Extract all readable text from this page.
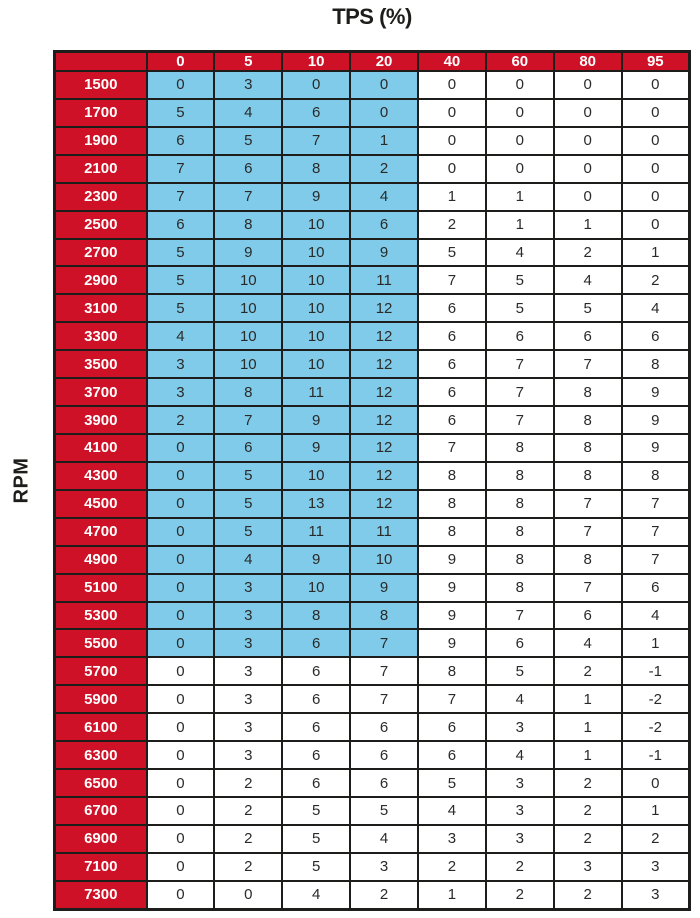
TPS (%)
RPM
	0	5	10	20	40	60	80	95
1500	0	3	0	0	0	0	0	0
1700	5	4	6	0	0	0	0	0
1900	6	5	7	1	0	0	0	0
2100	7	6	8	2	0	0	0	0
2300	7	7	9	4	1	1	0	0
2500	6	8	10	6	2	1	1	0
2700	5	9	10	9	5	4	2	1
2900	5	10	10	11	7	5	4	2
3100	5	10	10	12	6	5	5	4
3300	4	10	10	12	6	6	6	6
3500	3	10	10	12	6	7	7	8
3700	3	8	11	12	6	7	8	9
3900	2	7	9	12	6	7	8	9
4100	0	6	9	12	7	8	8	9
4300	0	5	10	12	8	8	8	8
4500	0	5	13	12	8	8	7	7
4700	0	5	11	11	8	8	7	7
4900	0	4	9	10	9	8	8	7
5100	0	3	10	9	9	8	7	6
5300	0	3	8	8	9	7	6	4
5500	0	3	6	7	9	6	4	1
5700	0	3	6	7	8	5	2	-1
5900	0	3	6	7	7	4	1	-2
6100	0	3	6	6	6	3	1	-2
6300	0	3	6	6	6	4	1	-1
6500	0	2	6	6	5	3	2	0
6700	0	2	5	5	4	3	2	1
6900	0	2	5	4	3	3	2	2
7100	0	2	5	3	2	2	3	3
7300	0	0	4	2	1	2	2	3
